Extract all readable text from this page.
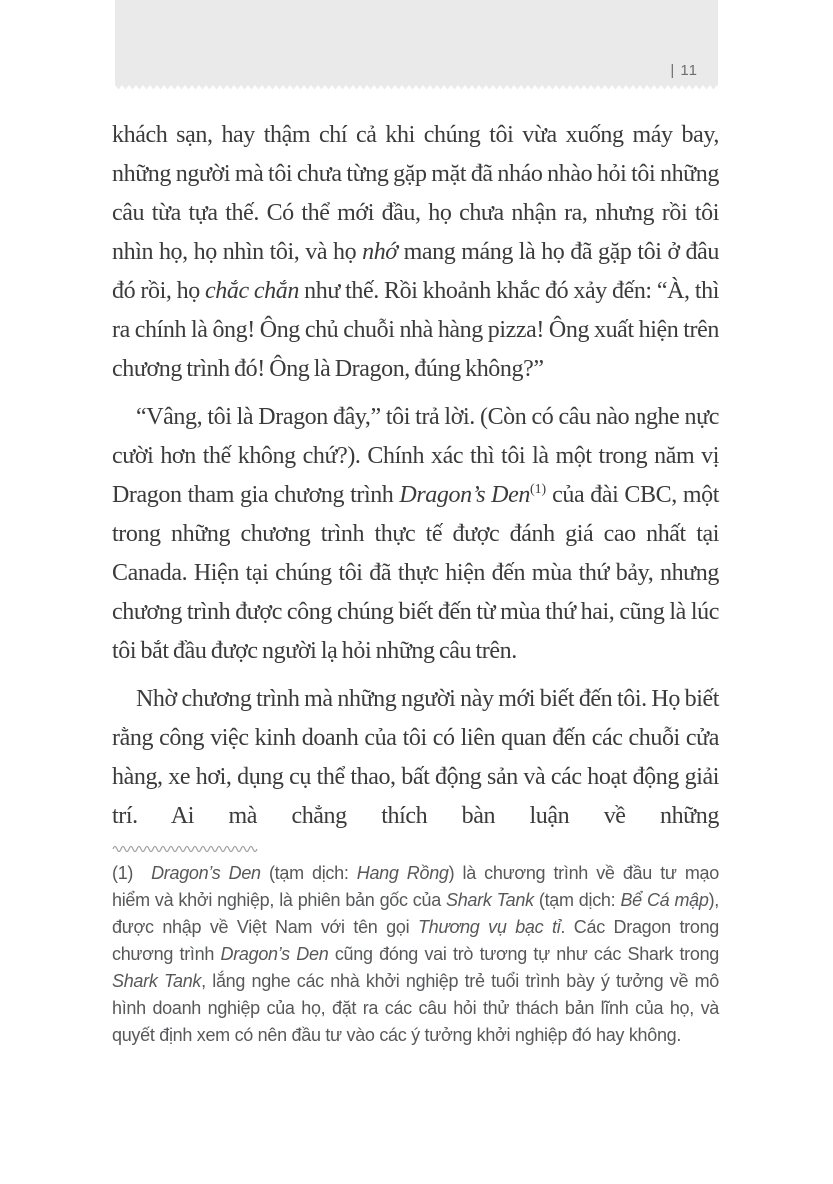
| 11

khách sạn, hay thậm chí cả khi chúng tôi vừa xuống máy bay, những người mà tôi chưa từng gặp mặt đã nháo nhào hỏi tôi những câu từa tựa thế. Có thể mới đầu, họ chưa nhận ra, nhưng rồi tôi nhìn họ, họ nhìn tôi, và họ nhớ mang máng là họ đã gặp tôi ở đâu đó rồi, họ chắc chắn như thế. Rồi khoảnh khắc đó xảy đến: “À, thì ra chính là ông! Ông chủ chuỗi nhà hàng pizza! Ông xuất hiện trên chương trình đó! Ông là Dragon, đúng không?”

“Vâng, tôi là Dragon đây,” tôi trả lời. (Còn có câu nào nghe nực cười hơn thế không chứ?). Chính xác thì tôi là một trong năm vị Dragon tham gia chương trình Dragon’s Den$^{(1)}$ của đài CBC, một trong những chương trình thực tế được đánh giá cao nhất tại Canada. Hiện tại chúng tôi đã thực hiện đến mùa thứ bảy, nhưng chương trình được công chúng biết đến từ mùa thứ hai, cũng là lúc tôi bắt đầu được người lạ hỏi những câu trên.

Nhờ chương trình mà những người này mới biết đến tôi. Họ biết rằng công việc kinh doanh của tôi có liên quan đến các chuỗi cửa hàng, xe hơi, dụng cụ thể thao, bất động sản và các hoạt động giải trí. Ai mà chẳng thích bàn luận về những

(1) Dragon’s Den (tạm dịch: Hang Rồng) là chương trình về đầu tư mạo hiểm và khởi nghiệp, là phiên bản gốc của Shark Tank (tạm dịch: Bể Cá mập), được nhập về Việt Nam với tên gọi Thương vụ bạc tỉ. Các Dragon trong chương trình Dragon’s Den cũng đóng vai trò tương tự như các Shark trong Shark Tank, lắng nghe các nhà khởi nghiệp trẻ tuổi trình bày ý tưởng về mô hình doanh nghiệp của họ, đặt ra các câu hỏi thử thách bản lĩnh của họ, và quyết định xem có nên đầu tư vào các ý tưởng khởi nghiệp đó hay không.
